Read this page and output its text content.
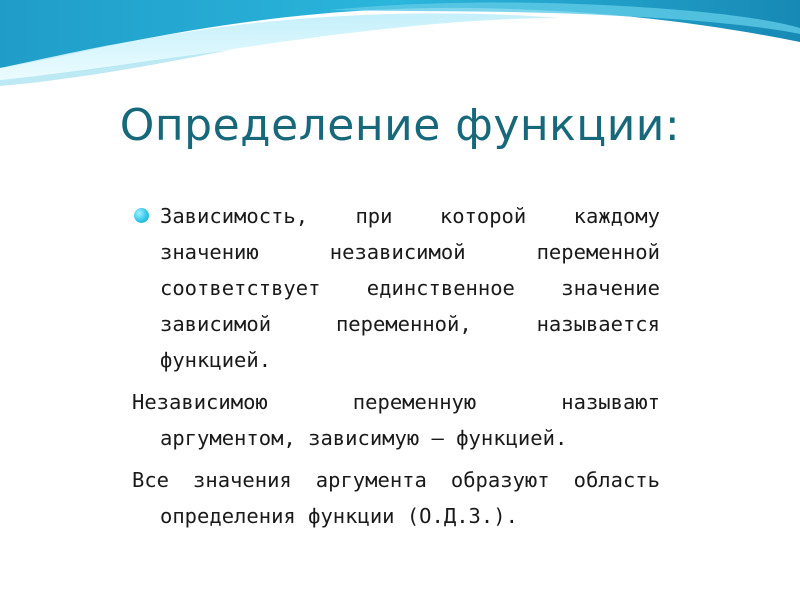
Определение функции:

Зависимость, при которой каждому значению независимой переменной соответствует единственное значение зависимой переменной, называется функцией.

Независимою переменную называют аргументом, зависимую – функцией.

Все значения аргумента образуют область определения функции (О.Д.З.).
